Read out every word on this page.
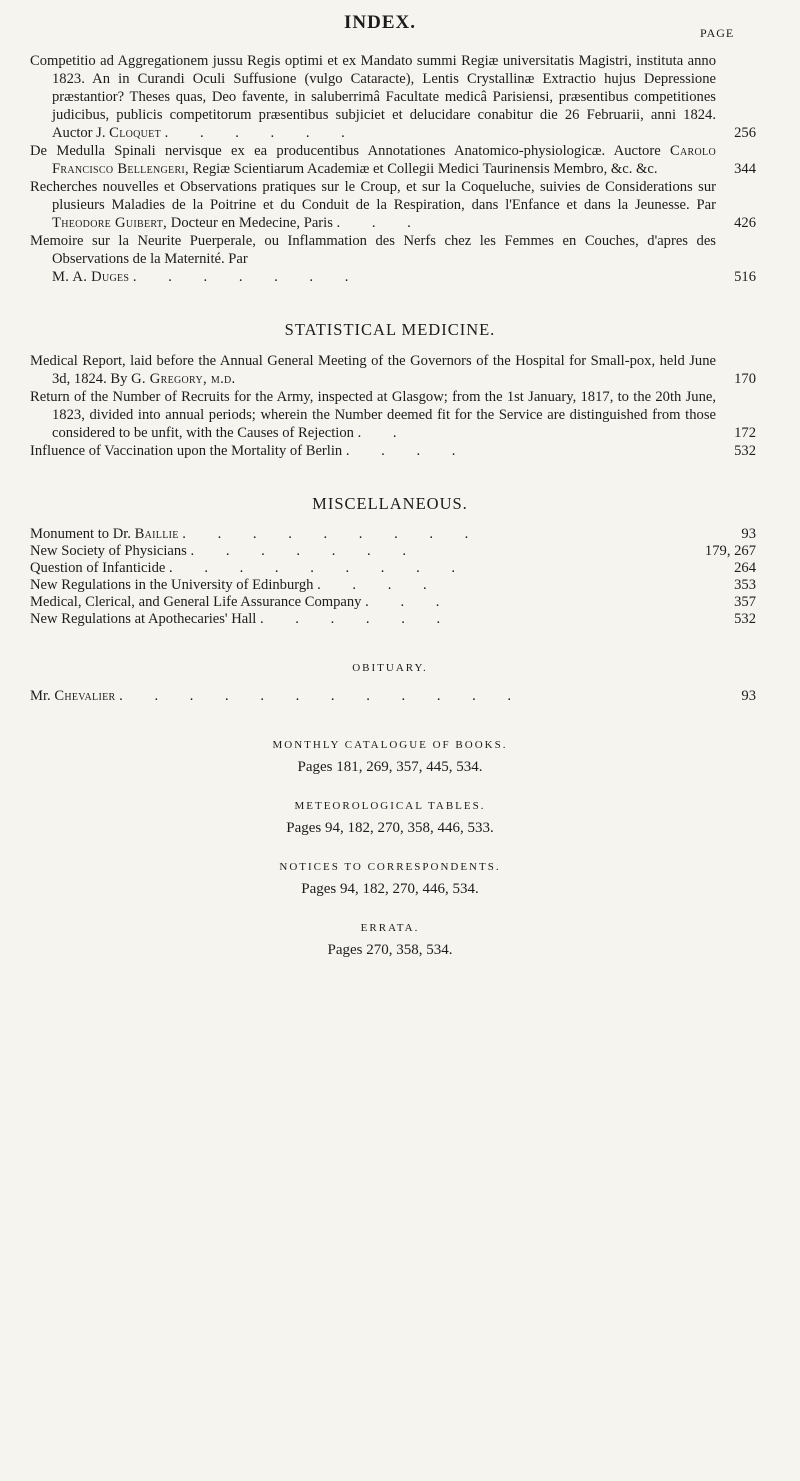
INDEX.	PAGE
Competitio ad Aggregationem jussu Regis optimi et ex Mandato summi Regiæ universitatis Magistri, instituta anno 1823. An in Curandi Oculi Suffusione (vulgo Cataracte), Lentis Crystallinæ Extractio hujus Depressione præstantior? Theses quas, Deo favente, in saluberrimâ Facultate medicâ Parisiensi, præsentibus competitiones judicibus, publicis competitorum præsentibus subjiciet et delucidare conabitur die 26 Februarii, anni 1824. Auctor J. Cloquet . . . . . .	256
De Medulla Spinali nervisque ex ea producentibus Annotationes Anatomico-physiologicæ. Auctore Carolo Francisco Bellengeri, Regiæ Scientiarum Academiæ et Collegii Medici Taurinensis Membro, &c. &c.	344
Recherches nouvelles et Observations pratiques sur le Croup, et sur la Coqueluche, suivies de Considerations sur plusieurs Maladies de la Poitrine et du Conduit de la Respiration, dans l'Enfance et dans la Jeunesse. Par Theodore Guibert, Docteur en Medecine, Paris . . .	426
Memoire sur la Neurite Puerperale, ou Inflammation des Nerfs chez les Femmes en Couches, d'apres des Observations de la Maternité. Par
M. A. Duges . . . . . . .	516
STATISTICAL MEDICINE.
Medical Report, laid before the Annual General Meeting of the Governors of the Hospital for Small-pox, held June 3d, 1824. By G. Gregory, m.d.	170
Return of the Number of Recruits for the Army, inspected at Glasgow; from the 1st January, 1817, to the 20th June, 1823, divided into annual periods; wherein the Number deemed fit for the Service are distinguished from those considered to be unfit, with the Causes of Rejection . .	172
Influence of Vaccination upon the Mortality of Berlin . . . .	532
MISCELLANEOUS.
Monument to Dr. Baillie . . . . . . . . .	93
New Society of Physicians . . . . . . .	179, 267
Question of Infanticide . . . . . . . . .	264
New Regulations in the University of Edinburgh . . . .	353
Medical, Clerical, and General Life Assurance Company . . .	357
New Regulations at Apothecaries' Hall . . . . . .	532
OBITUARY.
Mr. Chevalier . . . . . . . . . . . .	93
MONTHLY CATALOGUE OF BOOKS.
Pages 181, 269, 357, 445, 534.
METEOROLOGICAL TABLES.
Pages 94, 182, 270, 358, 446, 533.
NOTICES TO CORRESPONDENTS.
Pages 94, 182, 270, 446, 534.
ERRATA.
Pages 270, 358, 534.
